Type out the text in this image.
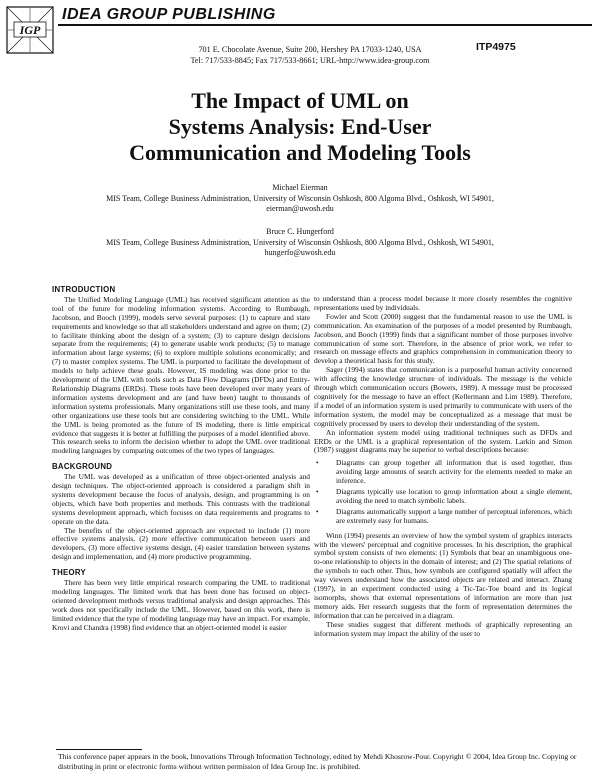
IGP
IDEA GROUP PUBLISHING
701 E. Chocolate Avenue, Suite 200, Hershey PA 17033-1240, USA
Tel: 717/533-8845; Fax 717/533-8661; URL-http://www.idea-group.com
ITP4975
The Impact of UML on
Systems Analysis: End-User
Communication and Modeling Tools
Michael Eierman
MIS Team, College Business Administration, University of Wisconsin Oshkosh, 800 Algoma Blvd., Oshkosh, WI 54901,
eierman@uwosh.edu
Bruce C. Hungerford
MIS Team, College Business Administration, University of Wisconsin Oshkosh, 800 Algoma Blvd., Oshkosh, WI 54901,
hungerfo@uwosh.edu
INTRODUCTION

The Unified Modeling Language (UML) has received significant attention as the tool of the future for modeling information systems. According to Rumbaugh, Jacobson, and Booch (1999), models serve several purposes: (1) to capture and state requirements and knowledge so that all stakeholders understand and agree on them; (2) to facilitate thinking about the design of a system; (3) to capture design decisions separate from the requirements; (4) to generate usable work products; (5) to manage information about large systems; (6) to explore multiple solutions economically; and (7) to master complex systems. The UML is purported to facilitate the development of models to help achieve these goals. However, IS modeling was done prior to the development of the UML with tools such as Data Flow Diagrams (DFDs) and Entity-Relationship Diagrams (ERDs). These tools have been developed over many years of information systems development and are (and have been) taught to thousands of information systems professionals. Many organizations still use these tools, and many other organizations use these tools but are considering switching to the UML. While the UML is being promoted as the future of IS modeling, there is little empirical evidence that suggests it is better at fulfilling the purposes of a model identified above. This research seeks to inform the decision whether to adopt the UML over traditional modeling languages by comparing outcomes of the two types of languages.

BACKGROUND

The UML was developed as a unification of three object-oriented analysis and design techniques. The object-oriented approach is considered a paradigm shift in systems development because the focus of analysis, design, and programming is on objects, which have both properties and methods. This contrasts with the traditional systems development approach, which focuses on data requirements and programs to operate on the data.

The benefits of the object-oriented approach are expected to include (1) more effective systems analysis, (2) more effective communication between users and developers, (3) more effective systems design, (4) easier translation between systems design and implementation, and (4) more productive programming.

THEORY

There has been very little empirical research comparing the UML to traditional modeling languages. The limited work that has been done has focused on object-oriented development methods versus traditional analysis and design approaches. This work does not specifically include the UML. However, based on this work, there is limited evidence that the type of modeling language may have an impact. For example, Krovi and Chandra (1998) find evidence that an object-oriented model is easier

to understand than a process model because it more closely resembles the cognitive representations used by individuals.

Fowler and Scott (2000) suggest that the fundamental reason to use the UML is communication. An examination of the purposes of a model presented by Rumbaugh, Jacobson, and Booch (1999) finds that a significant number of those purposes involve communication of some sort. Therefore, in the absence of prior work, we refer to research on message effects and graphics comprehension in communication theory to develop a theoretical basis for this study.

Sager (1994) states that communication is a purposeful human activity concerned with affecting the knowledge structure of individuals. The message is the vehicle through which communication occurs (Bowers, 1989). A message must be processed cognitively for the message to have an effect (Kellermann and Lim 1989). Therefore, if a model of an information system is used primarily to communicate with users of the information system, the model may be conceptualized as a message that must be cognitively processed by users to develop their understanding of the system.

An information system model using traditional techniques such as DFDs and ERDs or the UML is a graphical representation of the system. Larkin and Simon (1987) suggest diagrams may be superior to verbal descriptions because:

• Diagrams can group together all information that is used together, thus avoiding large amounts of search activity for the elements needed to make an inference.
• Diagrams typically use location to group information about a single element, avoiding the need to match symbolic labels.
• Diagrams automatically support a large number of perceptual inferences, which are extremely easy for humans.

Winn (1994) presents an overview of how the symbol system of graphics interacts with the viewers' perceptual and cognitive processes. In his description, the graphical symbol system consists of two elements: (1) Symbols that bear an unambiguous one-to-one relationship to objects in the domain of interest; and (2) The spatial relations of the symbols to each other. Thus, how symbols are configured spatially will affect the way viewers understand how the associated objects are related and interact. Zhang (1997), in an experiment conducted using a Tic-Tac-Toe board and its logical isomorphs, shows that external representations of information are more than just memory aids. Her research suggests that the form of representation determines the information that can be perceived in a diagram.

These studies suggest that different methods of graphically representing an information system may impact the ability of the user to

This conference paper appears in the book, Innovations Through Information Technology, edited by Mehdi Khosrow-Pour. Copyright © 2004, Idea Group Inc. Copying or distributing in print or electronic forms without written permission of Idea Group Inc. is prohibited.
